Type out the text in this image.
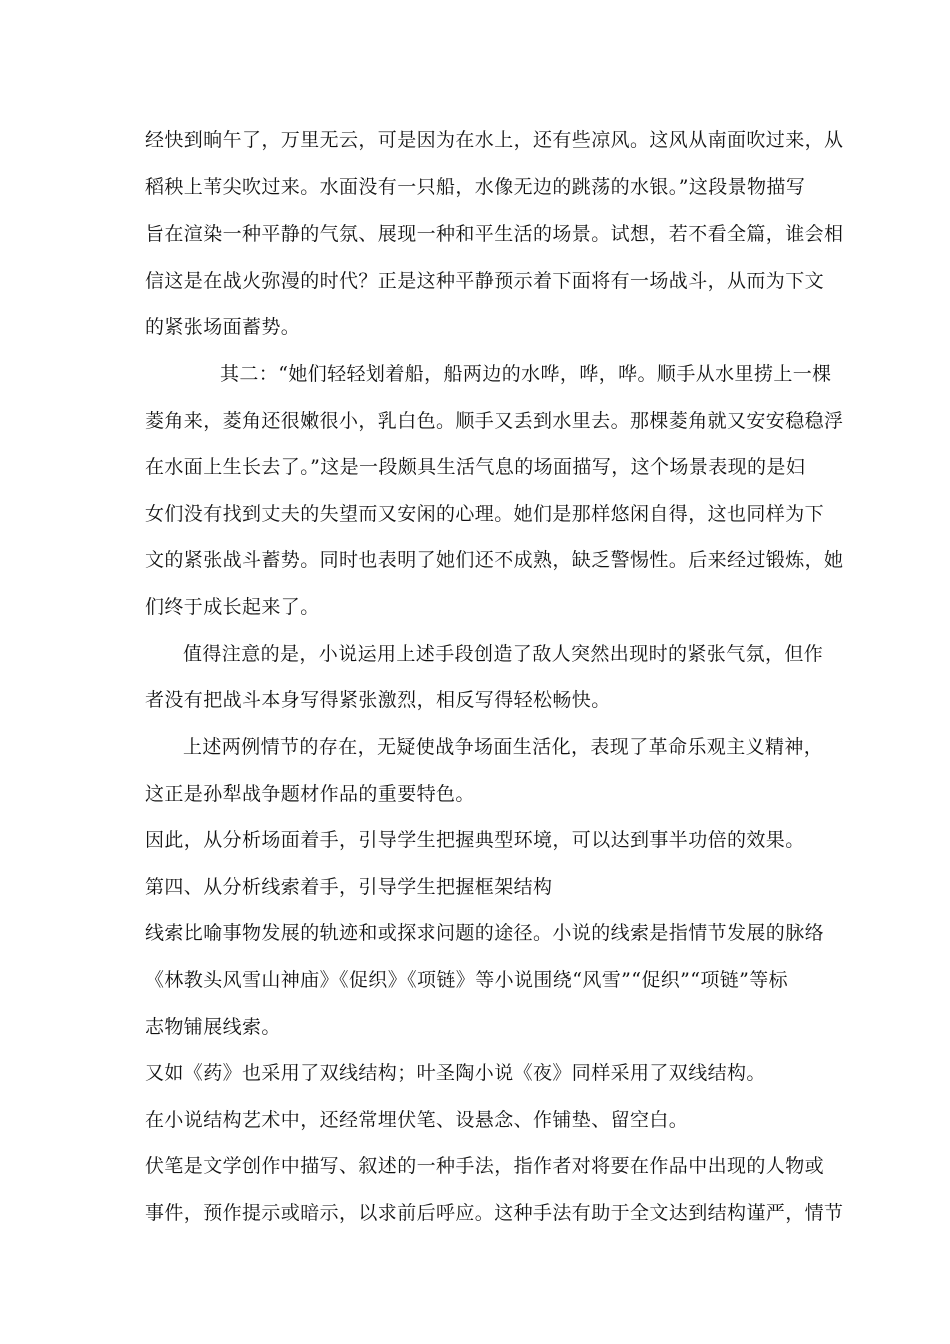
经快到晌午了，万里无云，可是因为在水上，还有些凉风。这风从南面吹过来，从
稻秧上苇尖吹过来。水面没有一只船，水像无边的跳荡的水银。”这段景物描写
旨在渲染一种平静的气氛、展现一种和平生活的场景。试想，若不看全篇，谁会相
信这是在战火弥漫的时代？正是这种平静预示着下面将有一场战斗，从而为下文
的紧张场面蓄势。
其二：“她们轻轻划着船，船两边的水哗，哗，哗。顺手从水里捞上一棵
菱角来，菱角还很嫩很小，乳白色。顺手又丢到水里去。那棵菱角就又安安稳稳浮
在水面上生长去了。”这是一段颇具生活气息的场面描写，这个场景表现的是妇
女们没有找到丈夫的失望而又安闲的心理。她们是那样悠闲自得，这也同样为下
文的紧张战斗蓄势。同时也表明了她们还不成熟，缺乏警惕性。后来经过锻炼，她
们终于成长起来了。
值得注意的是，小说运用上述手段创造了敌人突然出现时的紧张气氛，但作
者没有把战斗本身写得紧张激烈，相反写得轻松畅快。
上述两例情节的存在，无疑使战争场面生活化，表现了革命乐观主义精神，
这正是孙犁战争题材作品的重要特色。
因此，从分析场面着手，引导学生把握典型环境，可以达到事半功倍的效果。
第四、从分析线索着手，引导学生把握框架结构
线索比喻事物发展的轨迹和或探求问题的途径。小说的线索是指情节发展的脉络
《林教头风雪山神庙》《促织》《项链》等小说围绕“风雪”“促织”“项链”等标
志物铺展线索。
又如《药》也采用了双线结构；叶圣陶小说《夜》同样采用了双线结构。
在小说结构艺术中，还经常埋伏笔、设悬念、作铺垫、留空白。
伏笔是文学创作中描写、叙述的一种手法，指作者对将要在作品中出现的人物或
事件，预作提示或暗示，以求前后呼应。这种手法有助于全文达到结构谨严，情节
